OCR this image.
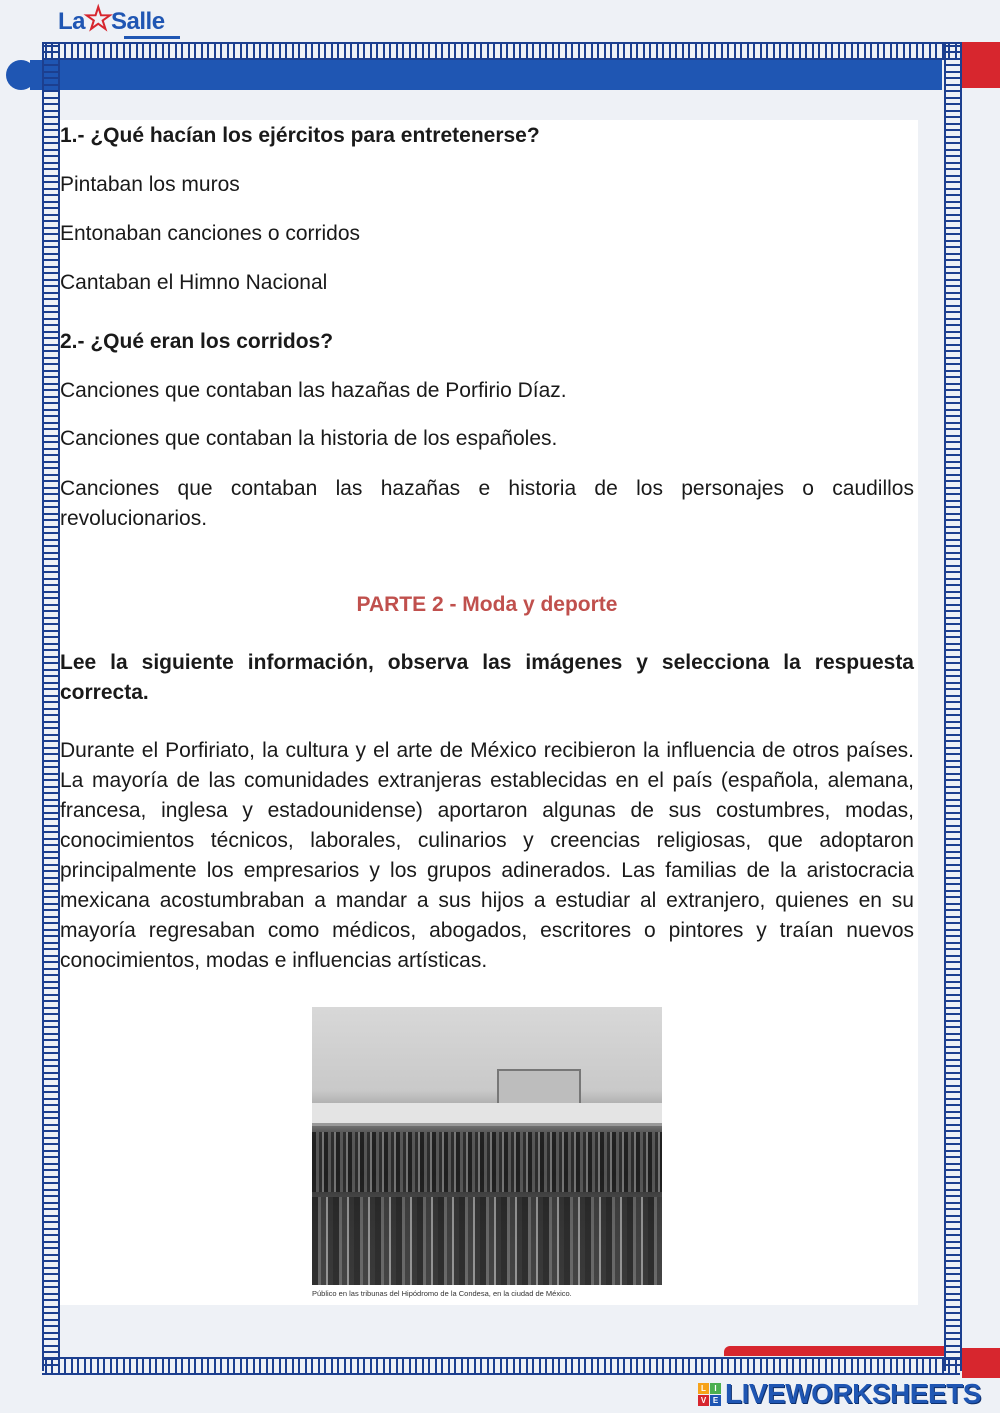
La
☆
Salle
1.- ¿Qué hacían los ejércitos para entretenerse?
Pintaban los muros
Entonaban canciones o corridos
Cantaban el Himno Nacional
2.- ¿Qué eran los corridos?
Canciones que contaban las hazañas de Porfirio Díaz.
Canciones que contaban la historia de los españoles.
Canciones que contaban las hazañas e historia de los personajes o caudillos revolucionarios.
PARTE 2 - Moda y deporte
Lee la siguiente información, observa las imágenes y selecciona la respuesta correcta.
Durante el Porfiriato, la cultura y el arte de México recibieron la influencia de otros países. La mayoría de las comunidades extranjeras establecidas en el país (española, alemana, francesa, inglesa y estadounidense) aportaron algunas de sus costumbres, modas, conocimientos técnicos, laborales, culinarios y creencias religiosas, que adoptaron principalmente los empresarios y los grupos adinerados. Las familias de la aristocracia mexicana acostumbraban a mandar a sus hijos a estudiar al extranjero, quienes en su mayoría regresaban como médicos, abogados, escritores o pintores y traían nuevos conocimientos, modas e influencias artísticas.
Público en las tribunas del Hipódromo de la Condesa, en la ciudad de México.
L	I
V E LIVEWORKSHEETS
